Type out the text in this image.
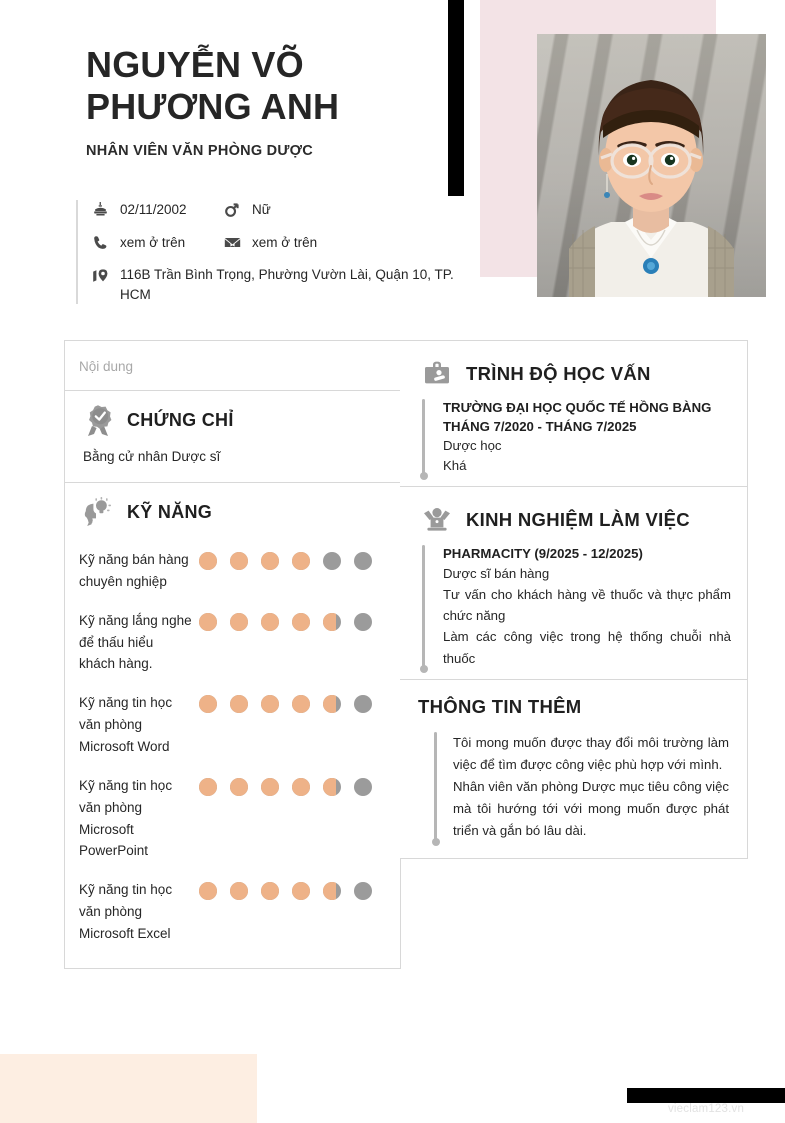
vieclam123.vn
NGUYỄN VÕ PHƯƠNG ANH
NHÂN VIÊN VĂN PHÒNG DƯỢC
02/11/2002	Nữ
xem ở trên	xem ở trên
116B Trần Bình Trọng, Phường Vườn Lài, Quận 10, TP. HCM
Nội dung
CHỨNG CHỈ
Bằng cử nhân Dược sĩ
KỸ NĂNG
Kỹ năng bán hàng chuyên nghiệp
Kỹ năng lắng nghe để thấu hiểu khách hàng.
Kỹ năng tin học văn phòng Microsoft Word
Kỹ năng tin học văn phòng Microsoft PowerPoint
Kỹ năng tin học văn phòng Microsoft Excel
TRÌNH ĐỘ HỌC VẤN
TRƯỜNG ĐẠI HỌC QUỐC TẾ HỒNG BÀNG
THÁNG 7/2020 - THÁNG 7/2025
Dược học
Khá
KINH NGHIỆM LÀM VIỆC
PHARMACITY (9/2025 - 12/2025)
Dược sĩ bán hàng
Tư vấn cho khách hàng về thuốc và thực phẩm chức năng
Làm các công việc trong hệ thống chuỗi nhà thuốc
THÔNG TIN THÊM
Tôi mong muốn được thay đổi môi trường làm việc để tìm được công việc phù hợp với mình.
Nhân viên văn phòng Dược mục tiêu công việc mà tôi hướng tới với mong muốn được phát triển và gắn bó lâu dài.
